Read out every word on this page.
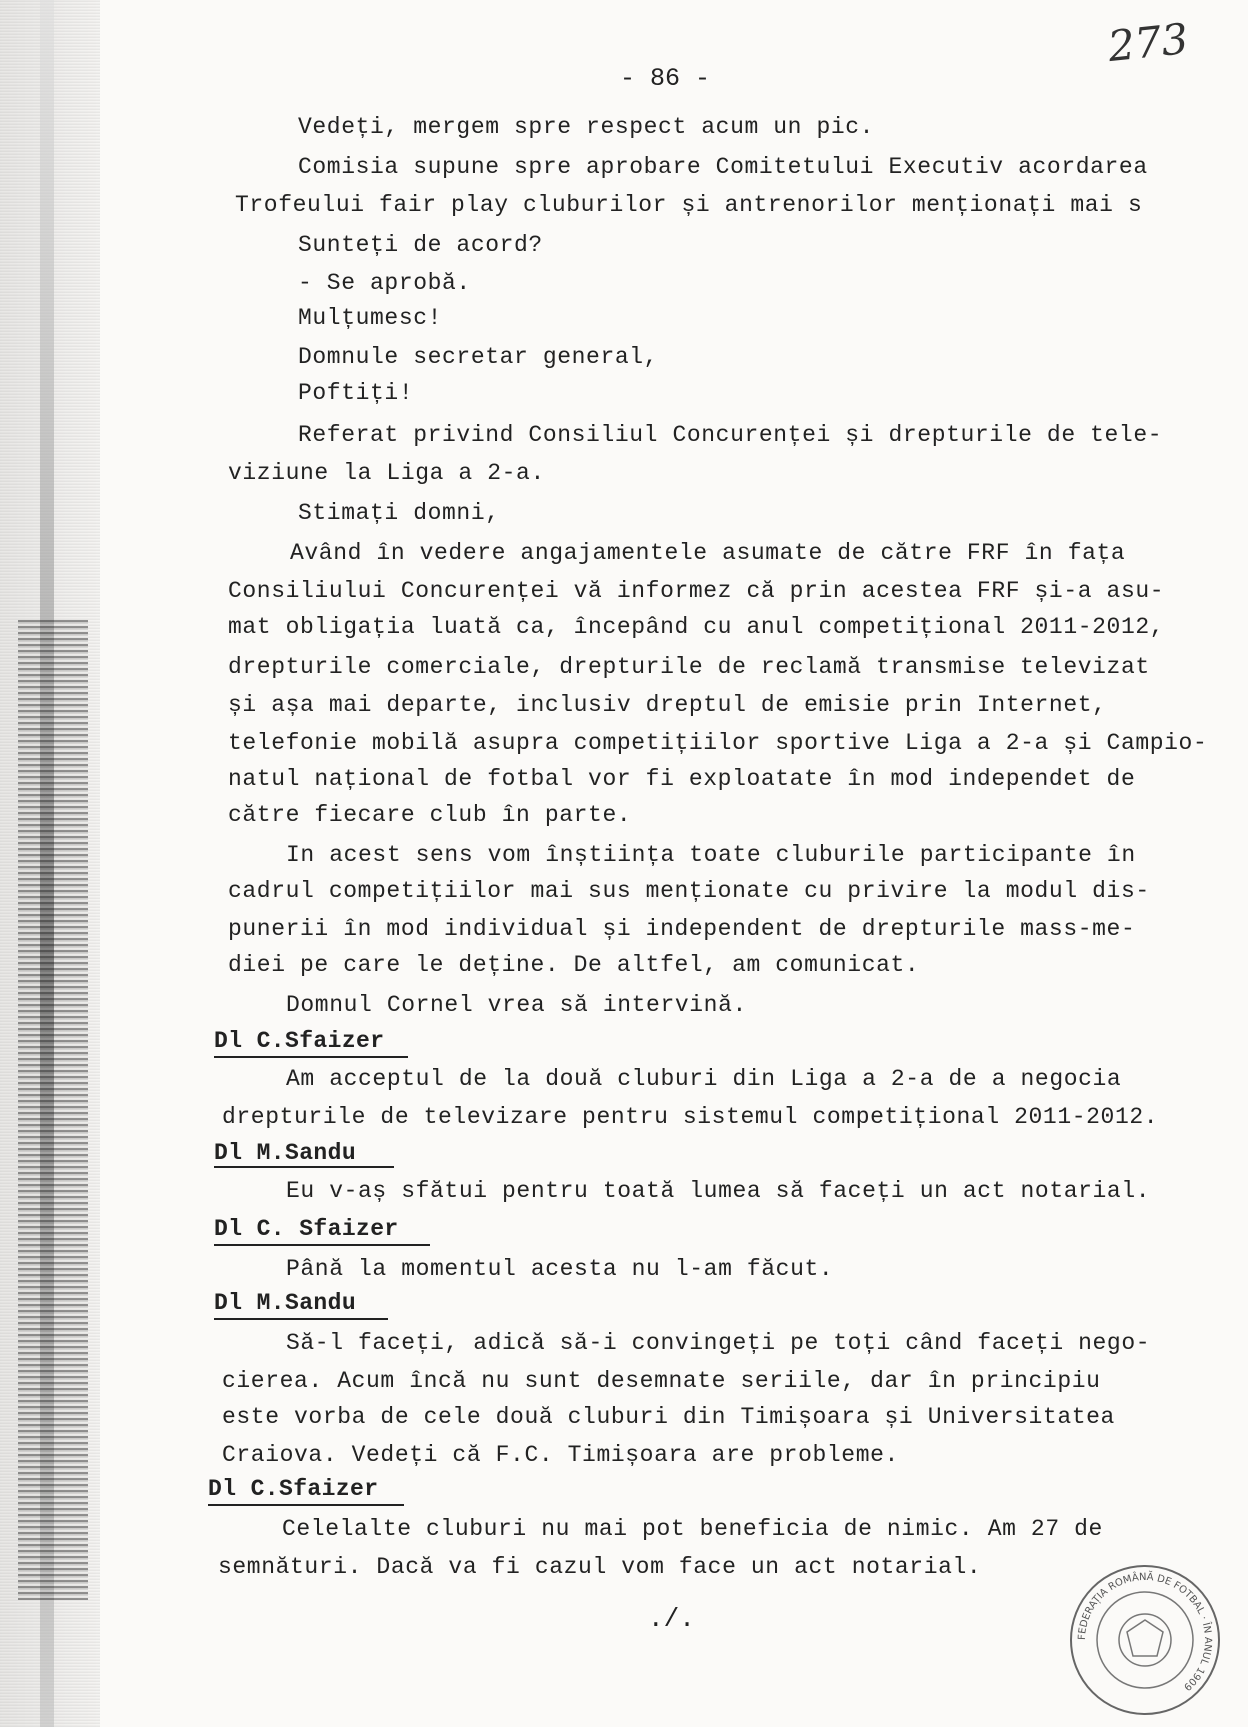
273
- 86 -
Vedeți, mergem spre respect acum un pic.
Comisia supune spre aprobare Comitetului Executiv acordarea
Trofeului fair play cluburilor și antrenorilor menționați mai s
Sunteți de acord?
- Se aprobă.
Mulțumesc!
Domnule secretar general,
Poftiți!
Referat privind Consiliul Concurenței și drepturile de tele-
viziune la Liga a 2-a.
Stimați domni,
Având în vedere angajamentele asumate de către FRF în fața
Consiliului Concurenței vă informez că prin acestea FRF și-a asu-
mat obligația luată ca, începând cu anul competițional 2011-2012,
drepturile comerciale, drepturile de reclamă transmise televizat
și așa mai departe, inclusiv dreptul de emisie prin Internet,
telefonie mobilă asupra competițiilor sportive Liga a 2-a și Campio-
natul național de fotbal vor fi exploatate în mod independet de
către fiecare club în parte.
In acest sens vom înștiința toate cluburile participante în
cadrul competițiilor mai sus menționate cu privire la modul dis-
punerii în mod individual și independent de drepturile mass-me-
diei pe care le deține. De altfel, am comunicat.
Domnul Cornel vrea să intervină.
Dl C.Sfaizer
Am acceptul de la două cluburi din Liga a 2-a de a negocia
drepturile de televizare pentru sistemul competițional 2011-2012.
Dl M.Sandu
Eu v-aș sfătui pentru toată lumea să faceți un act notarial.
Dl C. Sfaizer
Până la momentul acesta nu l-am făcut.
Dl M.Sandu
Să-l faceți, adică să-i convingeți pe toți când faceți nego-
cierea. Acum încă nu sunt desemnate seriile, dar în principiu
este vorba de cele două cluburi din Timișoara și Universitatea
Craiova. Vedeți că F.C. Timișoara are probleme.
Dl C.Sfaizer
Celelalte cluburi nu mai pot beneficia de nimic. Am 27 de
semnături. Dacă va fi cazul vom face un act notarial.
./.
FEDERAȚIA ROMÂNĂ DE FOTBAL · ÎN ANUL 1909
